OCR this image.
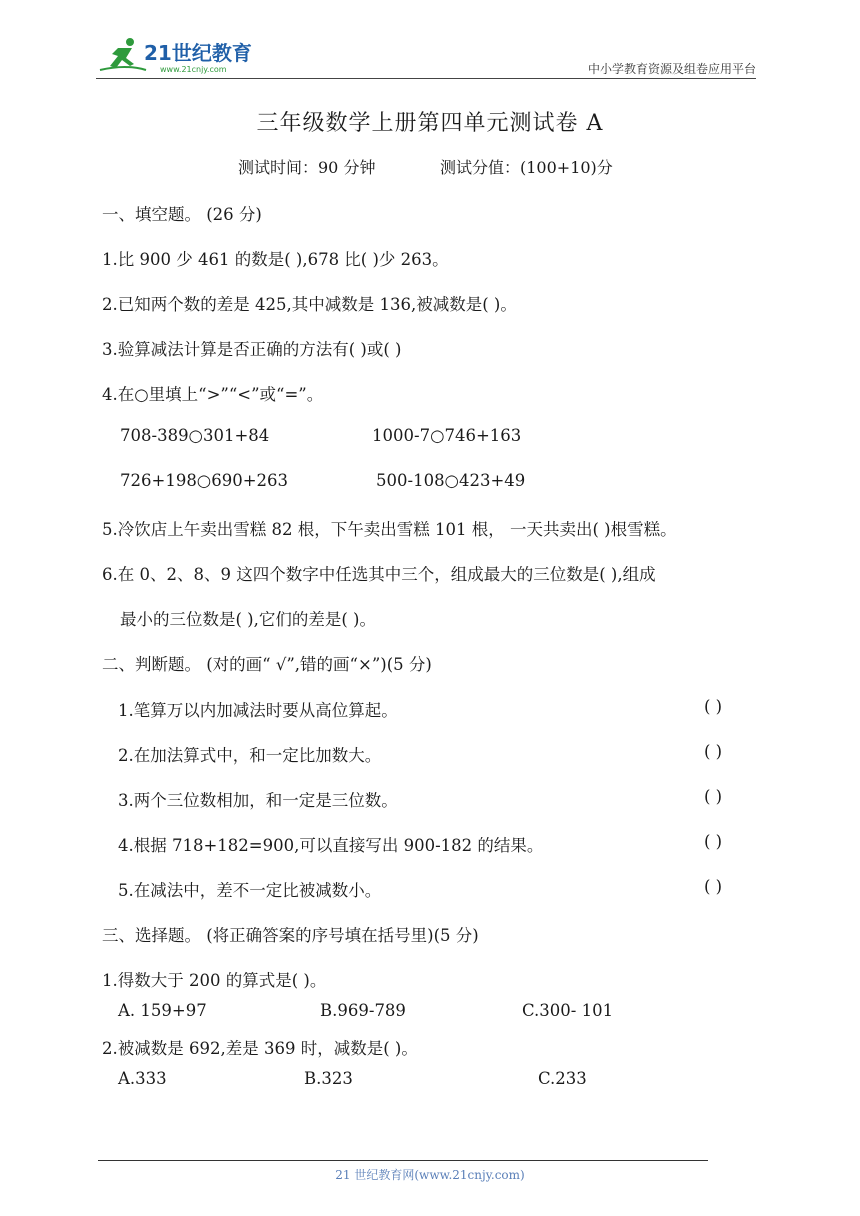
21世纪教育
www.21cnjy.com	中小学教育资源及组卷应用平台
三年级数学上册第四单元测试卷 A
测试时间：90 分钟	测试分值：(100+10)分
一、填空题。 (26 分)
1.比 900 少 461 的数是( ),678 比( )少 263。
2.已知两个数的差是 425,其中减数是 136,被减数是( )。
3.验算减法计算是否正确的方法有( )或( )
4.在○里填上“>”“<”或“=”。
708-389○301+84	1000-7○746+163
726+198○690+263	500-108○423+49
5.冷饮店上午卖出雪糕 82 根，下午卖出雪糕 101 根， 一天共卖出( )根雪糕。
6.在 0、2、8、9 这四个数字中任选其中三个，组成最大的三位数是( ),组成
最小的三位数是( ),它们的差是( )。
二、判断题。 (对的画“ √”,错的画“×”)(5 分)
1.笔算万以内加减法时要从高位算起。	( )
2.在加法算式中，和一定比加数大。	( )
3.两个三位数相加，和一定是三位数。	( )
4.根据 718+182=900,可以直接写出 900-182 的结果。	( )
5.在减法中，差不一定比被减数小。	( )
三、选择题。 (将正确答案的序号填在括号里)(5 分)
1.得数大于 200 的算式是( )。
A. 159+97	B.969-789	C.300- 101
2.被减数是 692,差是 369 时，减数是( )。
A.333	B.323	C.233
21 世纪教育网(www.21cnjy.com)
